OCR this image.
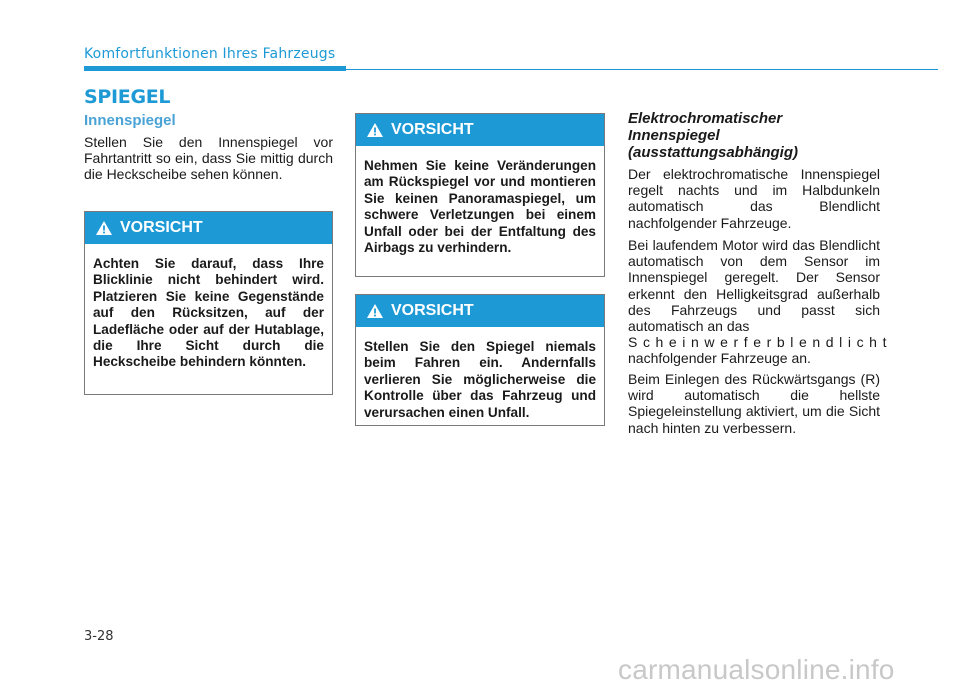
Komfortfunktionen Ihres Fahrzeugs
SPIEGEL
Innenspiegel

Stellen Sie den Innenspiegel vor Fahrtantritt so ein, dass Sie mittig durch die Heckscheibe sehen können.

VORSICHT

Achten Sie darauf, dass Ihre Blicklinie nicht behindert wird. Platzieren Sie keine Gegenstände auf den Rücksitzen, auf der Ladefläche oder auf der Hutablage, die Ihre Sicht durch die Heckscheibe behindern könnten.

VORSICHT

Nehmen Sie keine Veränderungen am Rückspiegel vor und montieren Sie keinen Panoramaspiegel, um schwere Verletzungen bei einem Unfall oder bei der Entfaltung des Airbags zu verhindern.

VORSICHT

Stellen Sie den Spiegel niemals beim Fahren ein. Andernfalls verlieren Sie möglicherweise die Kontrolle über das Fahrzeug und verursachen einen Unfall.

Elektrochromatischer
Innenspiegel
(ausstattungsabhängig)

Der elektrochromatische Innenspiegel regelt nachts und im Halbdunkeln automatisch das Blendlicht nachfolgender Fahrzeuge.

Bei laufendem Motor wird das Blendlicht automatisch von dem Sensor im Innenspiegel geregelt. Der Sensor erkennt den Helligkeitsgrad außerhalb des Fahrzeugs und passt sich automatisch an das
Scheinwerferblendlicht
nachfolgender Fahrzeuge an.

Beim Einlegen des Rückwärtsgangs (R) wird automatisch die hellste Spiegeleinstellung aktiviert, um die Sicht nach hinten zu verbessern.

3-28
carmanualsonline.info
